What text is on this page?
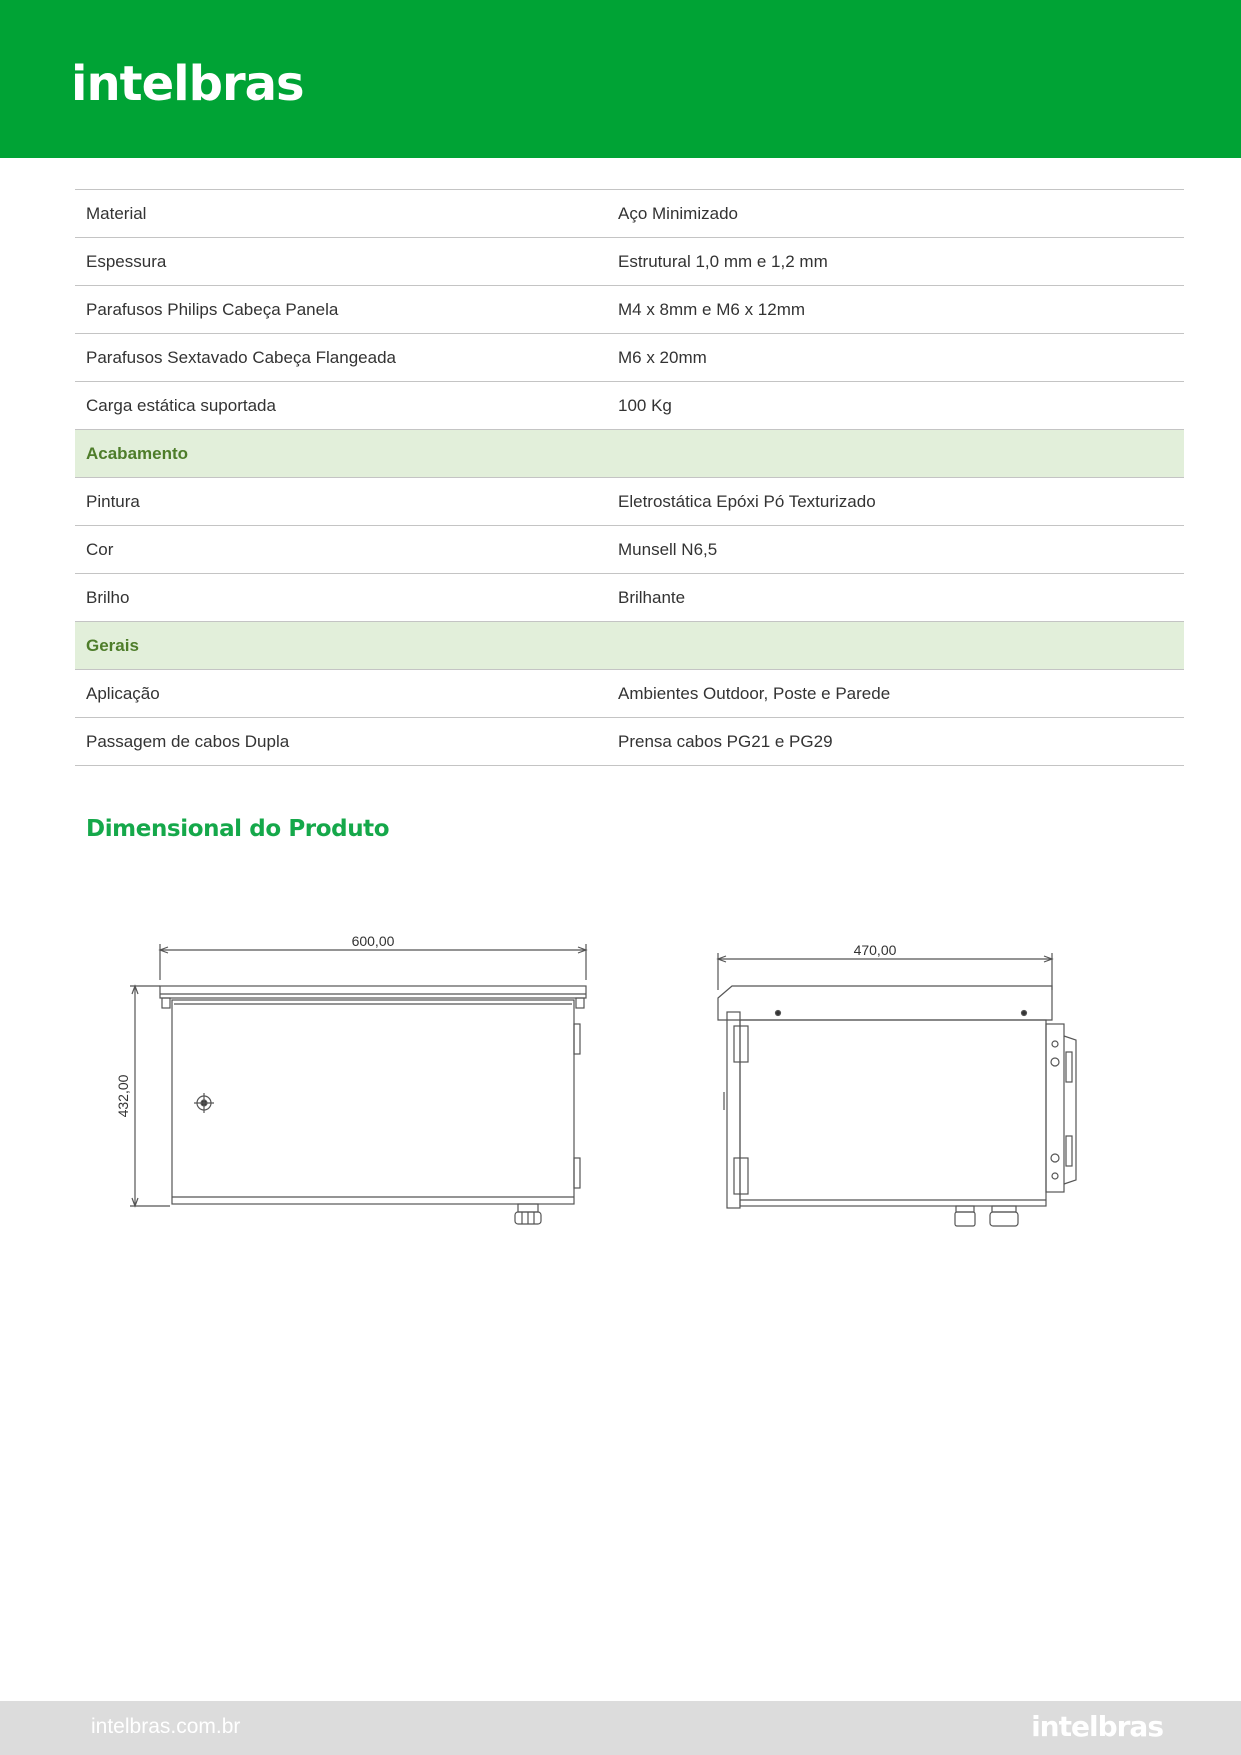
intelbras
Material	Aço Minimizado
Espessura	Estrutural 1,0 mm e 1,2 mm
Parafusos Philips Cabeça Panela	M4 x 8mm e M6 x 12mm
Parafusos Sextavado Cabeça Flangeada	M6 x 20mm
Carga estática suportada	100 Kg
Acabamento	
Pintura	Eletrostática Epóxi Pó Texturizado
Cor	Munsell N6,5
Brilho	Brilhante
Gerais	
Aplicação	Ambientes Outdoor, Poste e Parede
Passagem de cabos Dupla	Prensa cabos PG21 e PG29
Dimensional do Produto
600,00
432,00
470,00
intelbras.com.br	intelbras
